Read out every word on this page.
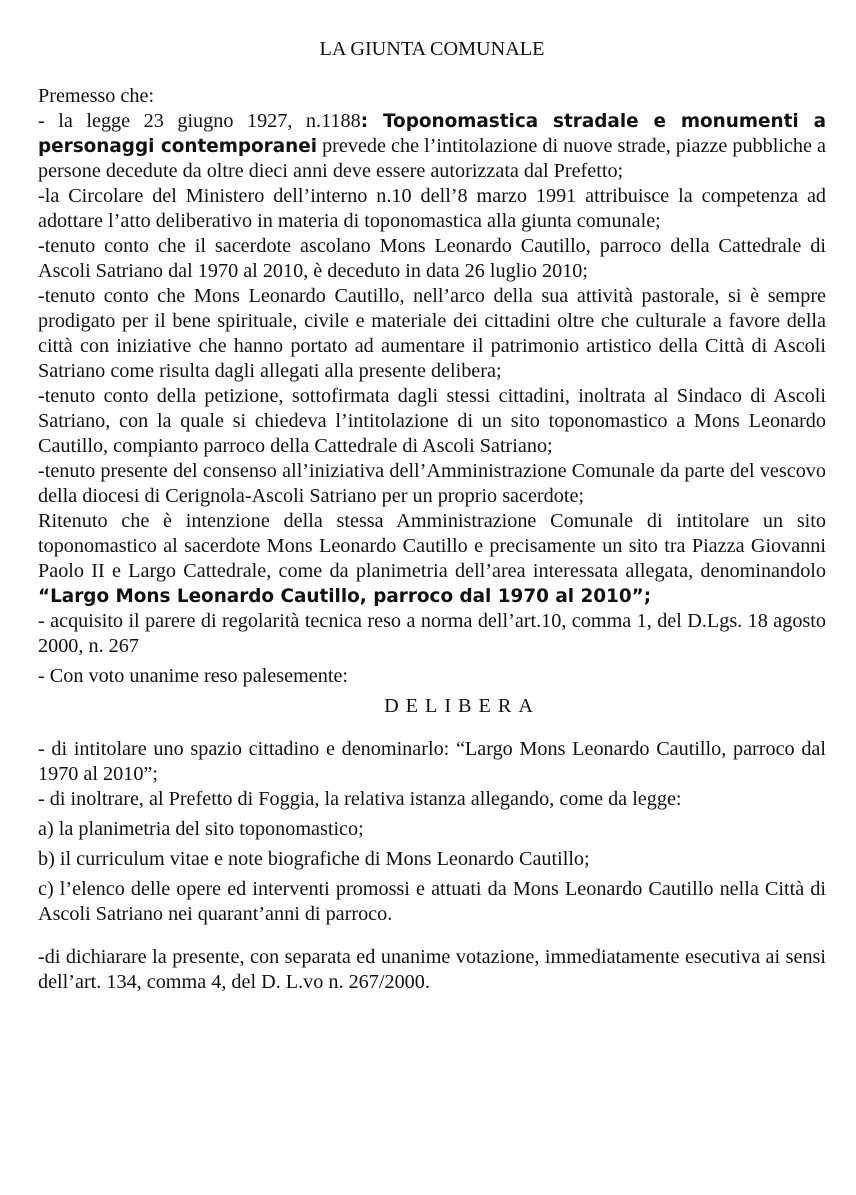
LA GIUNTA COMUNALE

Premesso che:

- la legge 23 giugno 1927, n.1188: Toponomastica stradale e monumenti a personaggi contemporanei prevede che l’intitolazione di nuove strade, piazze pubbliche a persone decedute da oltre dieci anni deve essere autorizzata dal Prefetto;

-la Circolare del Ministero dell’interno n.10 dell’8 marzo 1991 attribuisce la competenza ad adottare l’atto deliberativo in materia di toponomastica alla giunta comunale;

-tenuto conto che il sacerdote ascolano Mons Leonardo Cautillo, parroco della Cattedrale di Ascoli Satriano dal 1970 al 2010, è deceduto in data 26 luglio 2010;

-tenuto conto che Mons Leonardo Cautillo, nell’arco della sua attività pastorale, si è sempre prodigato per il bene spirituale, civile e materiale dei cittadini oltre che culturale a favore della città con iniziative che hanno portato ad aumentare il patrimonio artistico della Città di Ascoli Satriano come risulta dagli allegati alla presente delibera;

-tenuto conto della petizione, sottofirmata dagli stessi cittadini, inoltrata al Sindaco di Ascoli Satriano, con la quale si chiedeva l’intitolazione di un sito toponomastico a Mons Leonardo Cautillo, compianto parroco della Cattedrale di Ascoli Satriano;

-tenuto presente del consenso all’iniziativa dell’Amministrazione Comunale da parte del vescovo della diocesi di Cerignola-Ascoli Satriano per un proprio sacerdote;

Ritenuto che è intenzione della stessa Amministrazione Comunale di intitolare un sito toponomastico al sacerdote Mons Leonardo Cautillo e precisamente un sito tra Piazza Giovanni Paolo II e Largo Cattedrale, come da planimetria dell’area interessata allegata, denominandolo “Largo Mons Leonardo Cautillo, parroco dal 1970 al 2010”;

- acquisito il parere di regolarità tecnica reso a norma dell’art.10, comma 1, del D.Lgs. 18 agosto 2000, n. 267

- Con voto unanime reso palesemente:

DELIBERA

- di intitolare uno spazio cittadino e denominarlo: “Largo Mons Leonardo Cautillo, parroco dal 1970 al 2010”;

- di inoltrare, al Prefetto di Foggia, la relativa istanza allegando, come da legge:

a) la planimetria del sito toponomastico;

b) il curriculum vitae e note biografiche di Mons Leonardo Cautillo;

c) l’elenco delle opere ed interventi promossi e attuati da Mons Leonardo Cautillo nella Città di Ascoli Satriano nei quarant’anni di parroco.

-di dichiarare la presente, con separata ed unanime votazione, immediatamente esecutiva ai sensi dell’art. 134, comma 4, del D. L.vo n. 267/2000.
